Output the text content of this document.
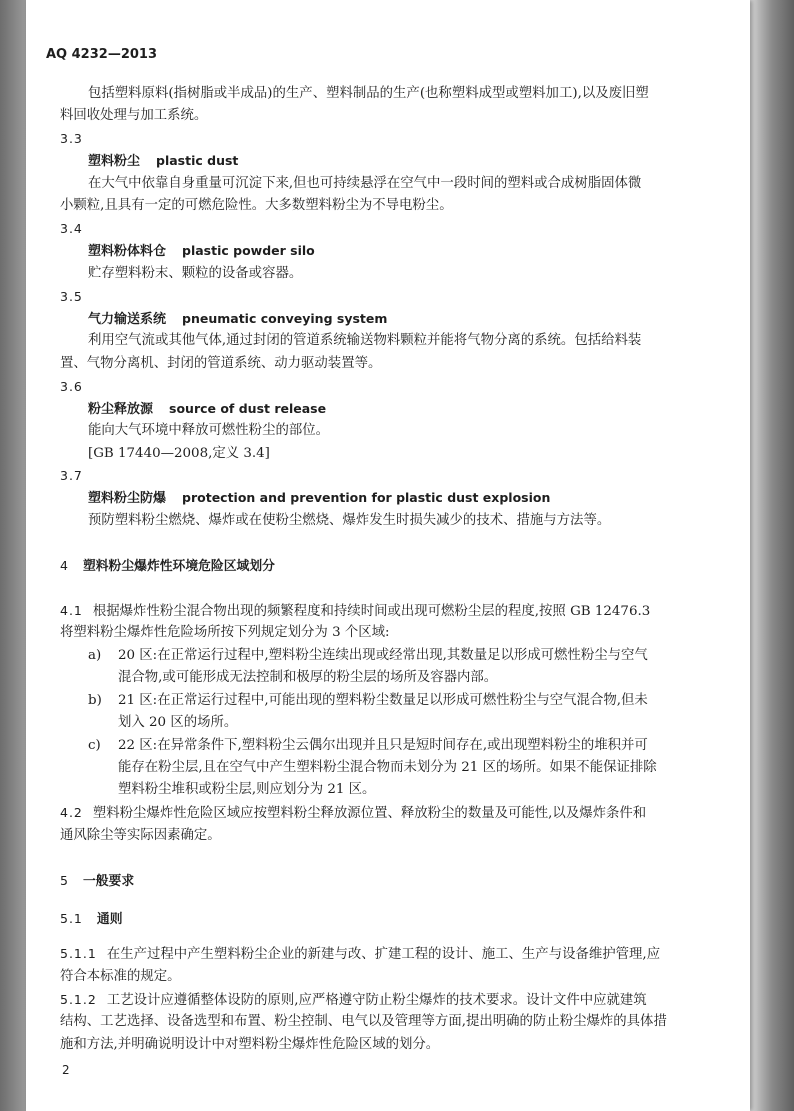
AQ 4232—2013
包括塑料原料(指树脂或半成品)的生产、塑料制品的生产(也称塑料成型或塑料加工),以及废旧塑
料回收处理与加工系统。
3.3
塑料粉尘 plastic dust
在大气中依靠自身重量可沉淀下来,但也可持续悬浮在空气中一段时间的塑料或合成树脂固体微
小颗粒,且具有一定的可燃危险性。大多数塑料粉尘为不导电粉尘。
3.4
塑料粉体料仓 plastic powder silo
贮存塑料粉末、颗粒的设备或容器。
3.5
气力输送系统 pneumatic conveying system
利用空气流或其他气体,通过封闭的管道系统输送物料颗粒并能将气物分离的系统。包括给料装
置、气物分离机、封闭的管道系统、动力驱动装置等。
3.6
粉尘释放源 source of dust release
能向大气环境中释放可燃性粉尘的部位。
[GB 17440—2008,定义 3.4]
3.7
塑料粉尘防爆 protection and prevention for plastic dust explosion
预防塑料粉尘燃烧、爆炸或在使粉尘燃烧、爆炸发生时损失减少的技术、措施与方法等。
4 塑料粉尘爆炸性环境危险区域划分
4.1 根据爆炸性粉尘混合物出现的频繁程度和持续时间或出现可燃粉尘层的程度,按照 GB 12476.3
将塑料粉尘爆炸性危险场所按下列规定划分为 3 个区域:
a) 20 区:在正常运行过程中,塑料粉尘连续出现或经常出现,其数量足以形成可燃性粉尘与空气
混合物,或可能形成无法控制和极厚的粉尘层的场所及容器内部。
b) 21 区:在正常运行过程中,可能出现的塑料粉尘数量足以形成可燃性粉尘与空气混合物,但未
划入 20 区的场所。
c) 22 区:在异常条件下,塑料粉尘云偶尔出现并且只是短时间存在,或出现塑料粉尘的堆积并可
能存在粉尘层,且在空气中产生塑料粉尘混合物而未划分为 21 区的场所。如果不能保证排除
塑料粉尘堆积或粉尘层,则应划分为 21 区。
4.2 塑料粉尘爆炸性危险区域应按塑料粉尘释放源位置、释放粉尘的数量及可能性,以及爆炸条件和
通风除尘等实际因素确定。
5 一般要求
5.1 通则
5.1.1 在生产过程中产生塑料粉尘企业的新建与改、扩建工程的设计、施工、生产与设备维护管理,应
符合本标准的规定。
5.1.2 工艺设计应遵循整体设防的原则,应严格遵守防止粉尘爆炸的技术要求。设计文件中应就建筑
结构、工艺选择、设备选型和布置、粉尘控制、电气以及管理等方面,提出明确的防止粉尘爆炸的具体措
施和方法,并明确说明设计中对塑料粉尘爆炸性危险区域的划分。
2
